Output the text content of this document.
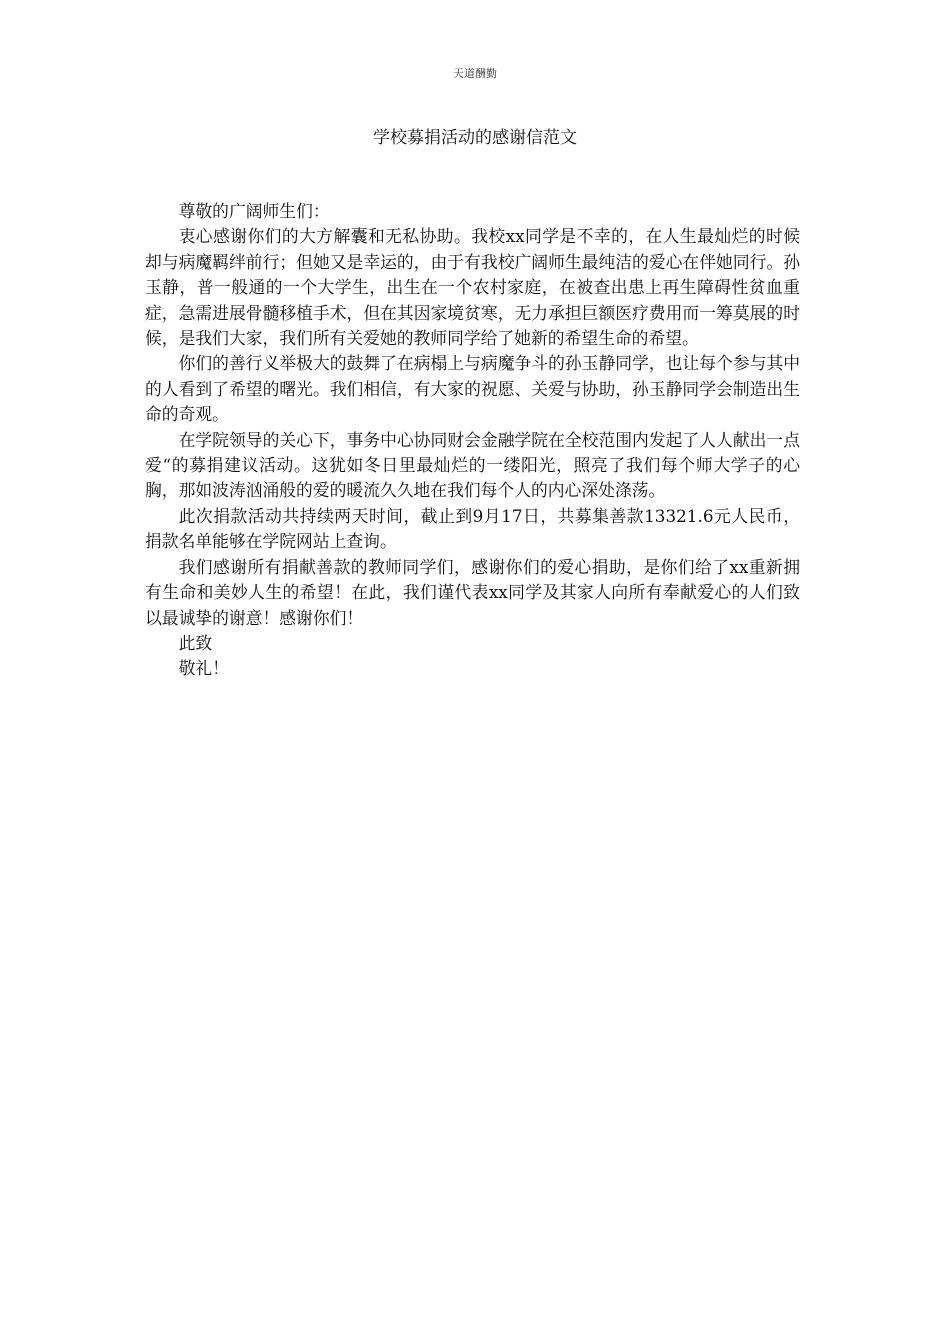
天道酬勤
学校募捐活动的感谢信范文

尊敬的广阔师生们：

衷心感谢你们的大方解囊和无私协助。我校xx同学是不幸的，在人生最灿烂的时候却与病魔羁绊前行；但她又是幸运的，由于有我校广阔师生最纯洁的爱心在伴她同行。孙玉静，普一般通的一个大学生，出生在一个农村家庭，在被查出患上再生障碍性贫血重症，急需进展骨髓移植手术，但在其因家境贫寒，无力承担巨额医疗费用而一筹莫展的时候，是我们大家，我们所有关爱她的教师同学给了她新的希望生命的希望。

你们的善行义举极大的鼓舞了在病榻上与病魔争斗的孙玉静同学，也让每个参与其中的人看到了希望的曙光。我们相信，有大家的祝愿、关爱与协助，孙玉静同学会制造出生命的奇观。

在学院领导的关心下，事务中心协同财会金融学院在全校范围内发起了人人献出一点爱“的募捐建议活动。这犹如冬日里最灿烂的一缕阳光，照亮了我们每个师大学子的心胸，那如波涛汹涌般的爱的暖流久久地在我们每个人的内心深处涤荡。

此次捐款活动共持续两天时间，截止到9月17日，共募集善款13321.6元人民币，捐款名单能够在学院网站上查询。

我们感谢所有捐献善款的教师同学们，感谢你们的爱心捐助，是你们给了xx重新拥有生命和美妙人生的希望！在此，我们谨代表xx同学及其家人向所有奉献爱心的人们致以最诚挚的谢意！感谢你们！

此致

敬礼！
